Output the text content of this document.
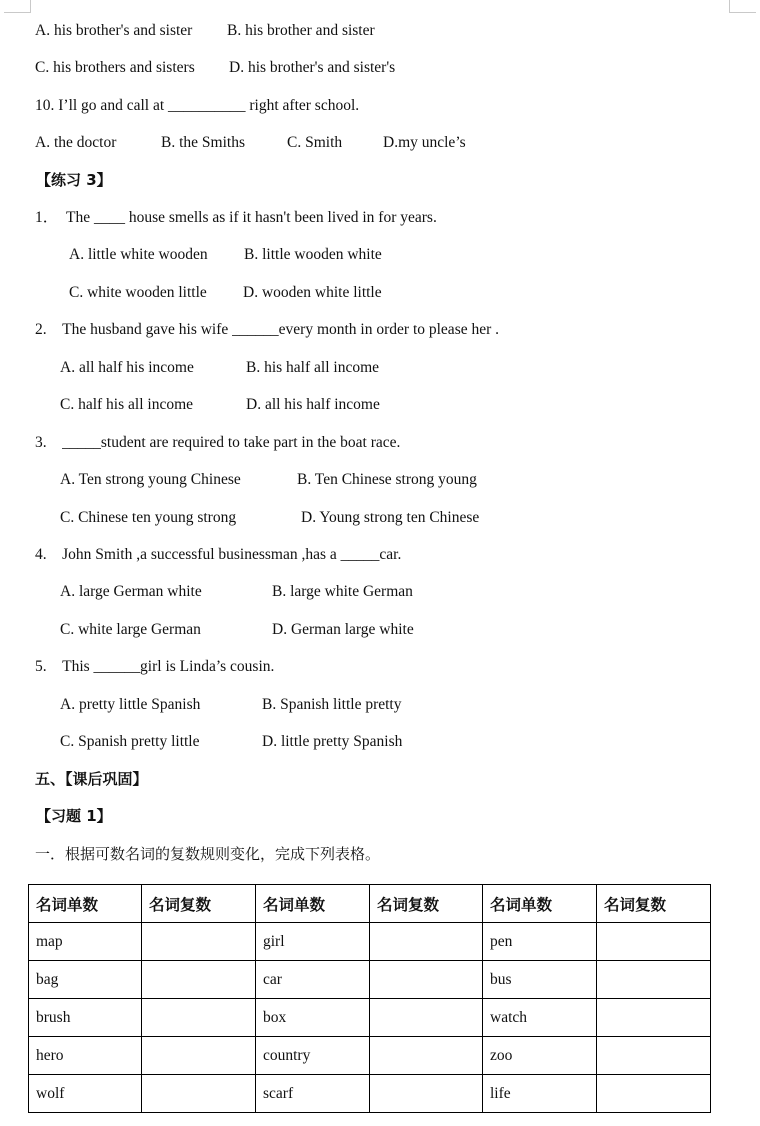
A. his brother's and sister B. his brother and sister
C. his brothers and sisters D. his brother's and sister's
10. I’ll go and call at __________ right after school.
A. the doctor	B. the Smiths	C. Smith	D.my uncle’s
【练习 3】
1．　The ____ house smells as if it hasn't been lived in for years.
A. little white wooden B. little wooden white
C. white wooden little D. wooden white little
2.　The husband gave his wife ______every month in order to please her .
A. all half his income	B. his half all income
C. half his all income	D. all his half income
3.　_____student are required to take part in the boat race.
A. Ten strong young Chinese	B. Ten Chinese strong young
C. Chinese ten young strong	D. Young strong ten Chinese
4.　John Smith ,a successful businessman ,has a _____car.
A. large German white	B. large white German
C. white large German	D. German large white
5.　This ______girl is Linda’s cousin.
A. pretty little Spanish	B. Spanish little pretty
C. Spanish pretty little	D. little pretty Spanish
五、【课后巩固】
【习题 1】
一．根据可数名词的复数规则变化，完成下列表格。
名词单数	名词复数	名词单数	名词复数	名词单数	名词复数
map		girl		pen	
bag		car		bus	
brush		box		watch	
hero		country		zoo	
wolf		scarf		life	
